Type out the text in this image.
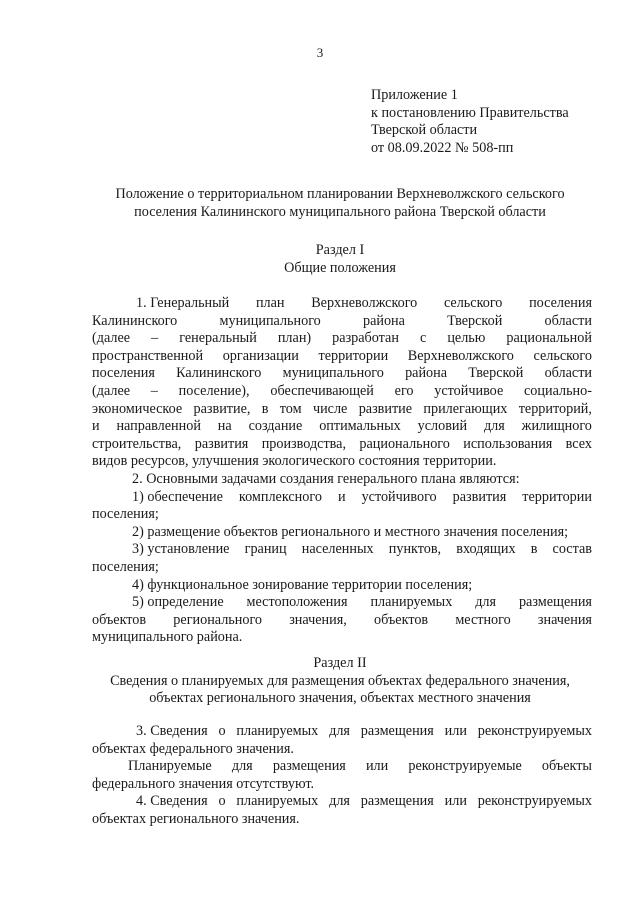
3
Приложение 1
к постановлению Правительства
Тверской области
от 08.09.2022 № 508-пп
Положение о территориальном планировании Верхневолжского сельского
поселения Калининского муниципального района Тверской области
Раздел I
Общие положения
1. Генеральный план Верхневолжского сельского поселения
Калининского	муниципального	района	Тверской	области
(далее – генеральный план) разработан с целью рациональной
пространственной организации территории Верхневолжского сельского
поселения Калининского муниципального района Тверской области
(далее – поселение), обеспечивающей его устойчивое социально-
экономическое развитие, в том числе развитие прилегающих территорий,
и направленной на создание оптимальных условий для жилищного
строительства, развития производства, рационального использования всех
видов ресурсов, улучшения экологического состояния территории.
2. Основными задачами создания генерального плана являются:
1) обеспечение комплексного и устойчивого развития территории
поселения;
2) размещение объектов регионального и местного значения поселения;
3) установление границ населенных пунктов, входящих в состав
поселения;
4) функциональное зонирование территории поселения;
5) определение местоположения планируемых для размещения
объектов регионального значения, объектов местного значения
муниципального района.
Раздел II
Сведения о планируемых для размещения объектах федерального значения,
объектах регионального значения, объектах местного значения
3. Сведения о планируемых для размещения или реконструируемых
объектах федерального значения.
Планируемые для размещения или реконструируемые объекты
федерального значения отсутствуют.
4. Сведения о планируемых для размещения или реконструируемых
объектах регионального значения.
